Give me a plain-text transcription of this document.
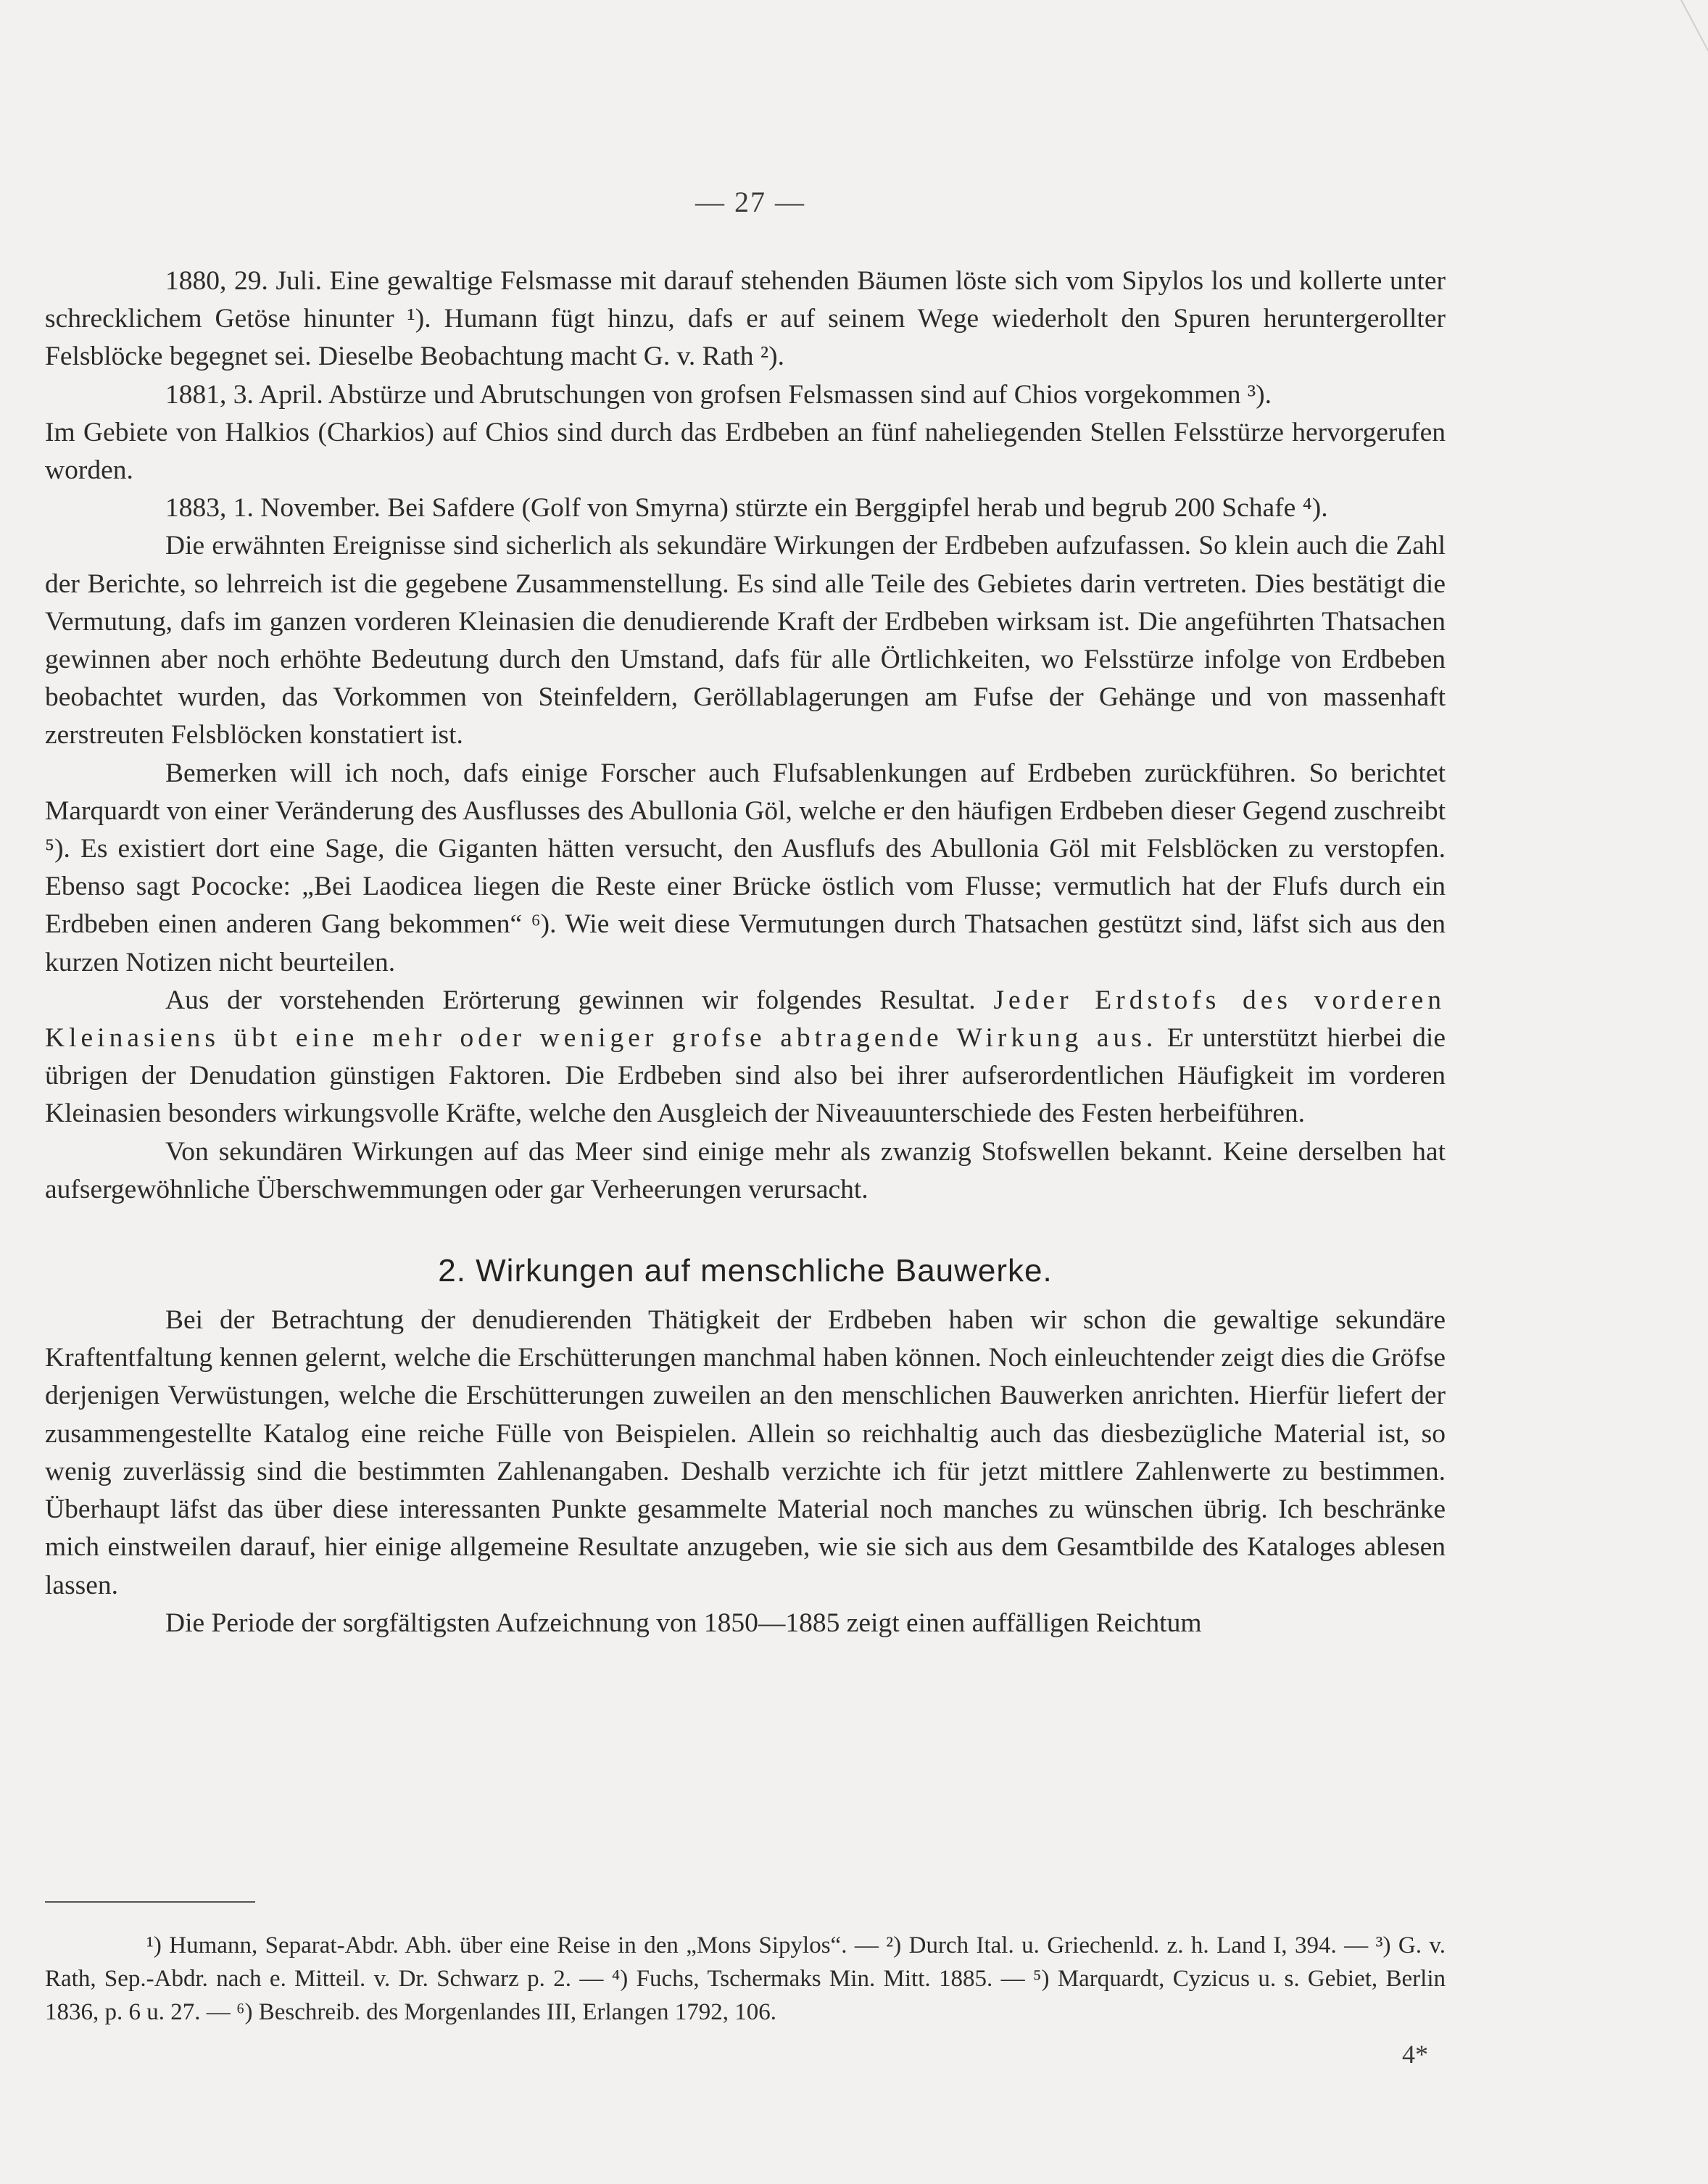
— 27 —

1880, 29. Juli. Eine gewaltige Felsmasse mit darauf stehenden Bäumen löste sich vom Sipylos los und kollerte unter schrecklichem Getöse hinunter ¹). Humann fügt hinzu, dafs er auf seinem Wege wiederholt den Spuren heruntergerollter Felsblöcke begegnet sei. Dieselbe Beobachtung macht G. v. Rath ²).

1881, 3. April. Abstürze und Abrutschungen von grofsen Felsmassen sind auf Chios vorgekommen ³).

Im Gebiete von Halkios (Charkios) auf Chios sind durch das Erdbeben an fünf naheliegenden Stellen Felsstürze hervorgerufen worden.

1883, 1. November. Bei Safdere (Golf von Smyrna) stürzte ein Berggipfel herab und begrub 200 Schafe ⁴).

Die erwähnten Ereignisse sind sicherlich als sekundäre Wirkungen der Erdbeben aufzufassen. So klein auch die Zahl der Berichte, so lehrreich ist die gegebene Zusammenstellung. Es sind alle Teile des Gebietes darin vertreten. Dies bestätigt die Vermutung, dafs im ganzen vorderen Kleinasien die denudierende Kraft der Erdbeben wirksam ist. Die angeführten Thatsachen gewinnen aber noch erhöhte Bedeutung durch den Umstand, dafs für alle Örtlichkeiten, wo Felsstürze infolge von Erdbeben beobachtet wurden, das Vorkommen von Steinfeldern, Geröllablagerungen am Fufse der Gehänge und von massenhaft zerstreuten Felsblöcken konstatiert ist.

Bemerken will ich noch, dafs einige Forscher auch Flufsablenkungen auf Erdbeben zurückführen. So berichtet Marquardt von einer Veränderung des Ausflusses des Abullonia Göl, welche er den häufigen Erdbeben dieser Gegend zuschreibt ⁵). Es existiert dort eine Sage, die Giganten hätten versucht, den Ausflufs des Abullonia Göl mit Felsblöcken zu verstopfen. Ebenso sagt Pococke: „Bei Laodicea liegen die Reste einer Brücke östlich vom Flusse; vermutlich hat der Flufs durch ein Erdbeben einen anderen Gang bekommen“ ⁶). Wie weit diese Vermutungen durch Thatsachen gestützt sind, läfst sich aus den kurzen Notizen nicht beurteilen.

Aus der vorstehenden Erörterung gewinnen wir folgendes Resultat. Jeder Erdstofs des vorderen Kleinasiens übt eine mehr oder weniger grofse abtragende Wirkung aus. Er unterstützt hierbei die übrigen der Denudation günstigen Faktoren. Die Erdbeben sind also bei ihrer aufserordentlichen Häufigkeit im vorderen Kleinasien besonders wirkungsvolle Kräfte, welche den Ausgleich der Niveauunterschiede des Festen herbeiführen.

Von sekundären Wirkungen auf das Meer sind einige mehr als zwanzig Stofswellen bekannt. Keine derselben hat aufsergewöhnliche Überschwemmungen oder gar Verheerungen verursacht.

2. Wirkungen auf menschliche Bauwerke.

Bei der Betrachtung der denudierenden Thätigkeit der Erdbeben haben wir schon die gewaltige sekundäre Kraftentfaltung kennen gelernt, welche die Erschütterungen manchmal haben können. Noch einleuchtender zeigt dies die Gröfse derjenigen Verwüstungen, welche die Erschütterungen zuweilen an den menschlichen Bauwerken anrichten. Hierfür liefert der zusammengestellte Katalog eine reiche Fülle von Beispielen. Allein so reichhaltig auch das diesbezügliche Material ist, so wenig zuverlässig sind die bestimmten Zahlenangaben. Deshalb verzichte ich für jetzt mittlere Zahlenwerte zu bestimmen. Überhaupt läfst das über diese interessanten Punkte gesammelte Material noch manches zu wünschen übrig. Ich beschränke mich einstweilen darauf, hier einige allgemeine Resultate anzugeben, wie sie sich aus dem Gesamtbilde des Kataloges ablesen lassen.

Die Periode der sorgfältigsten Aufzeichnung von 1850—1885 zeigt einen auffälligen Reichtum

¹) Humann, Separat-Abdr. Abh. über eine Reise in den „Mons Sipylos“. — ²) Durch Ital. u. Griechenld. z. h. Land I, 394. — ³) G. v. Rath, Sep.-Abdr. nach e. Mitteil. v. Dr. Schwarz p. 2. — ⁴) Fuchs, Tschermaks Min. Mitt. 1885. — ⁵) Marquardt, Cyzicus u. s. Gebiet, Berlin 1836, p. 6 u. 27. — ⁶) Beschreib. des Morgenlandes III, Erlangen 1792, 106.

4*
